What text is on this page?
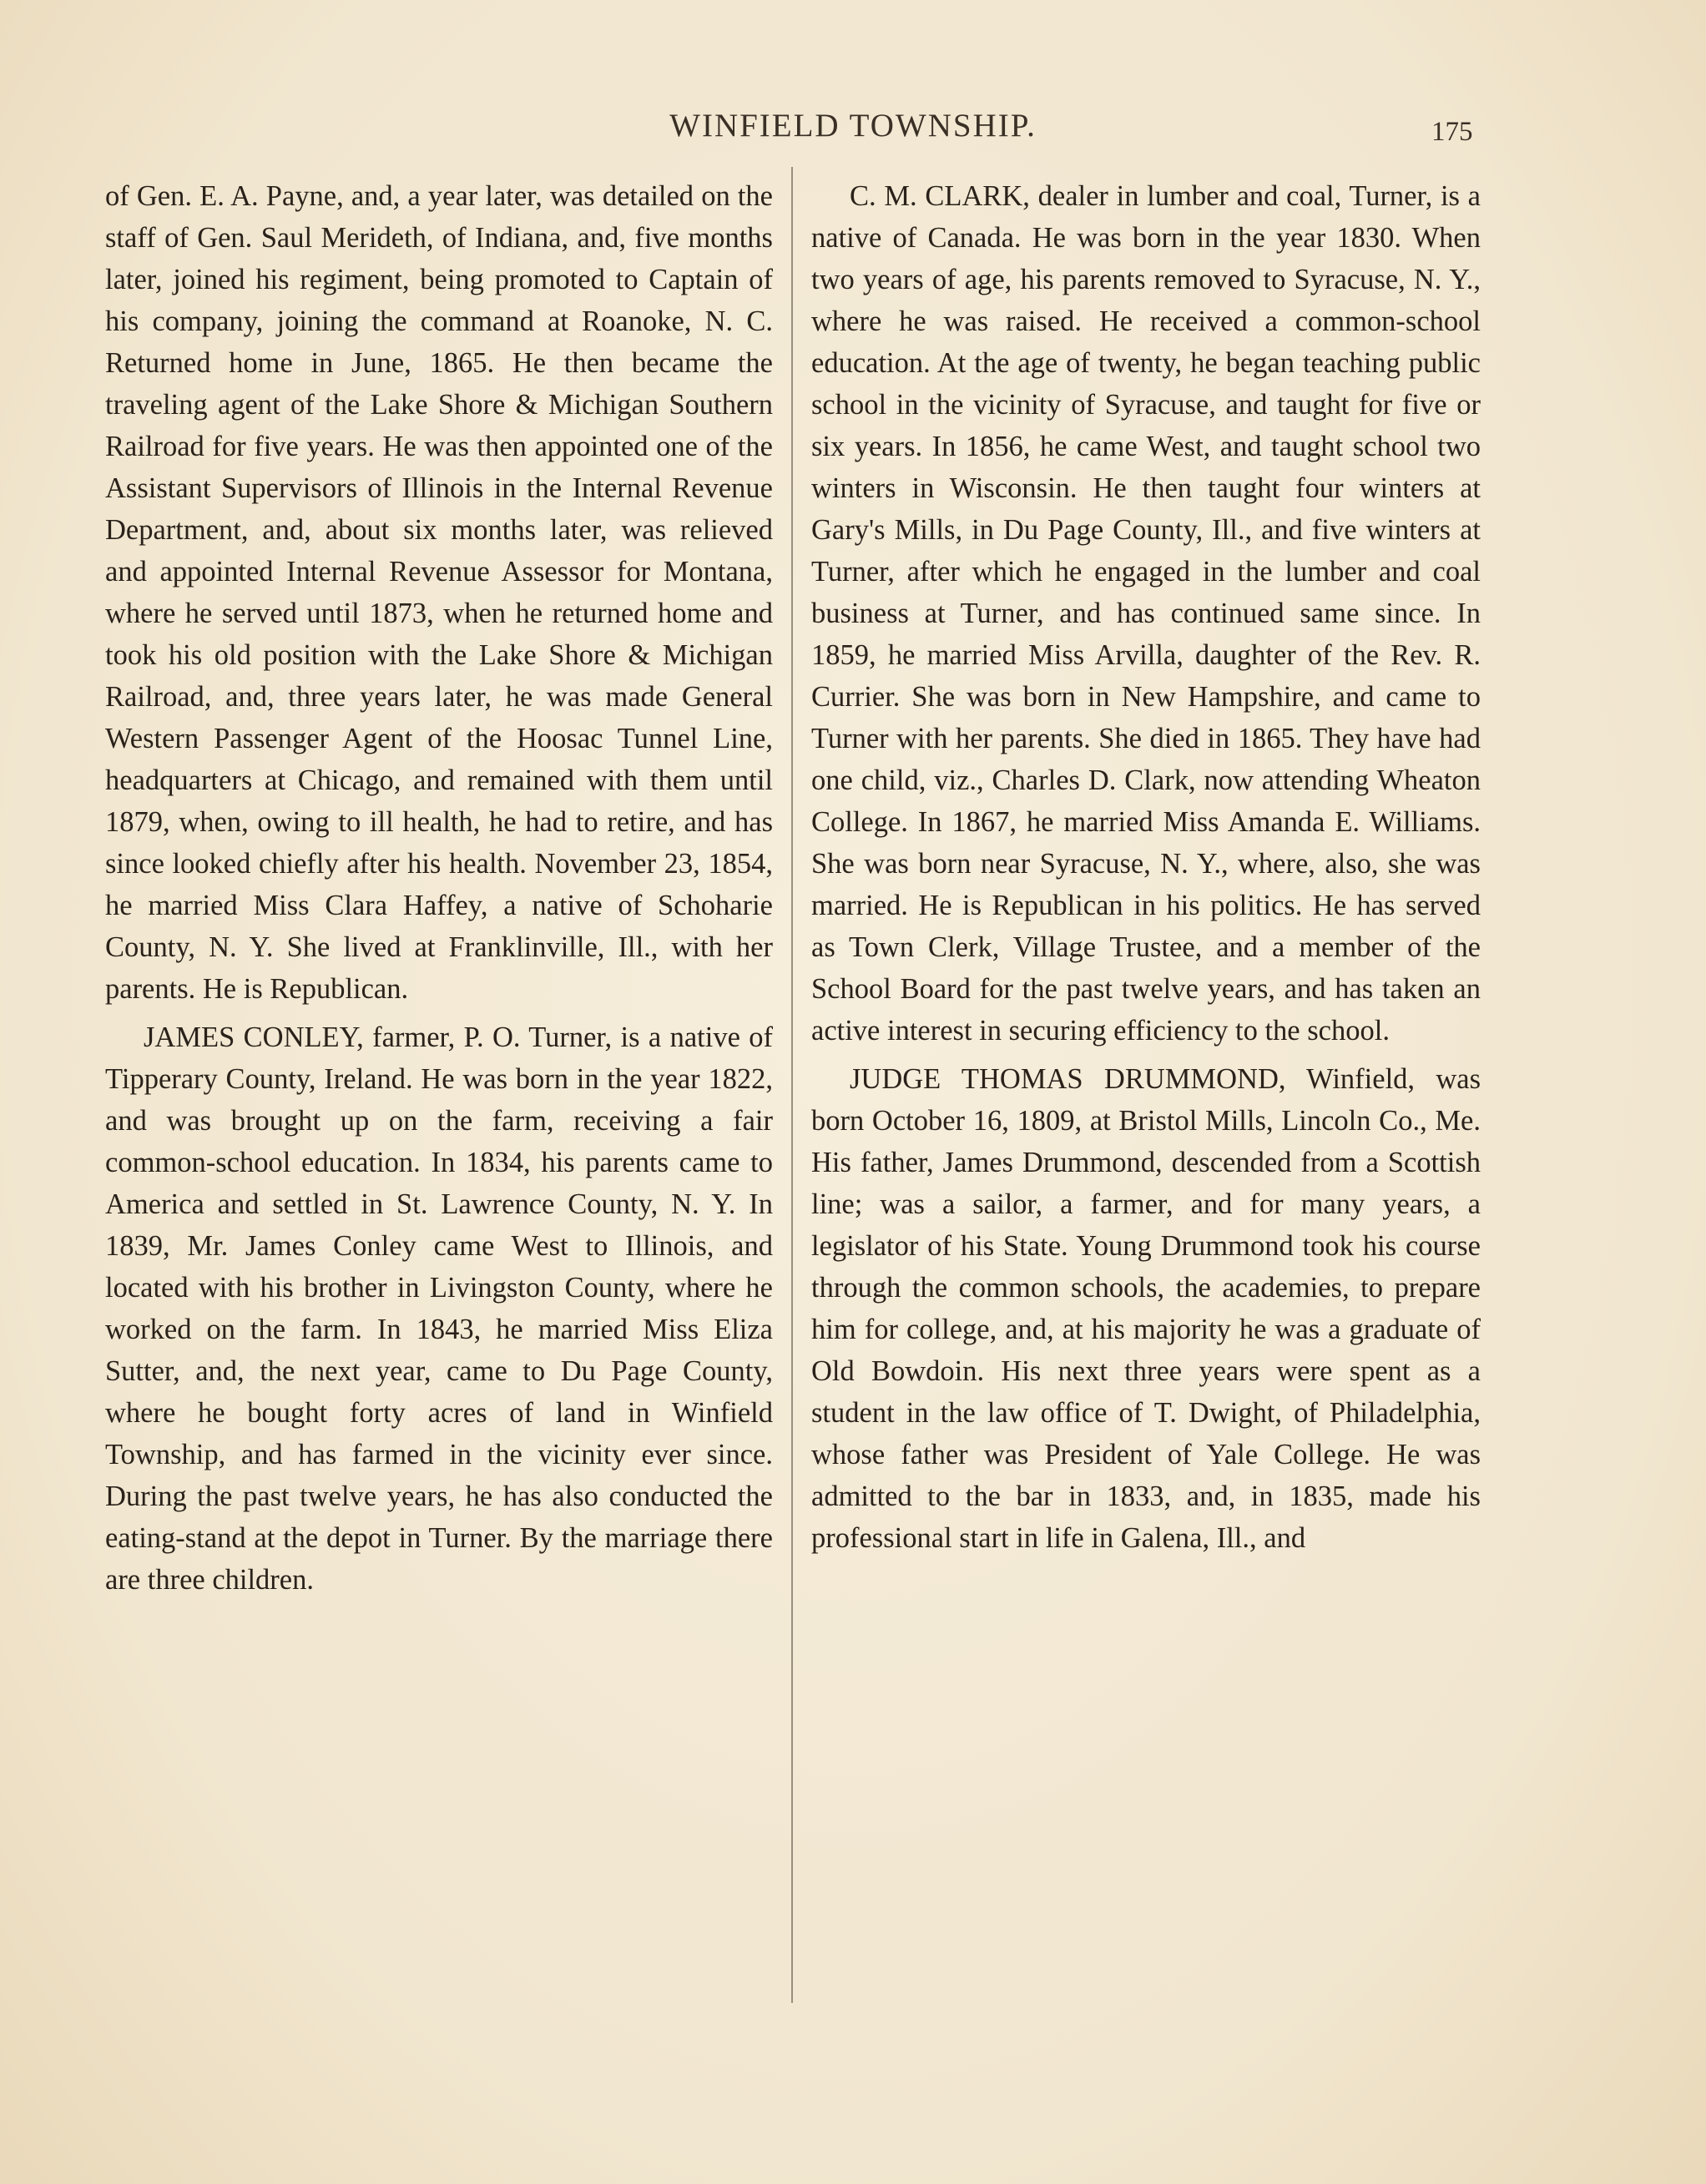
WINFIELD TOWNSHIP.	175

of Gen. E. A. Payne, and, a year later, was detailed on the staff of Gen. Saul Merideth, of Indiana, and, five months later, joined his regiment, being promoted to Captain of his company, joining the command at Roanoke, N. C. Returned home in June, 1865. He then became the traveling agent of the Lake Shore & Michigan Southern Railroad for five years. He was then appointed one of the Assistant Supervisors of Illinois in the Internal Revenue Department, and, about six months later, was relieved and appointed Internal Revenue Assessor for Montana, where he served until 1873, when he returned home and took his old position with the Lake Shore & Michigan Railroad, and, three years later, he was made General Western Passenger Agent of the Hoosac Tunnel Line, headquarters at Chicago, and remained with them until 1879, when, owing to ill health, he had to retire, and has since looked chiefly after his health. November 23, 1854, he married Miss Clara Haffey, a native of Schoharie County, N. Y. She lived at Franklinville, Ill., with her parents. He is Republican.

JAMES CONLEY, farmer, P. O. Turner, is a native of Tipperary County, Ireland. He was born in the year 1822, and was brought up on the farm, receiving a fair common-school education. In 1834, his parents came to America and settled in St. Lawrence County, N. Y. In 1839, Mr. James Conley came West to Illinois, and located with his brother in Livingston County, where he worked on the farm. In 1843, he married Miss Eliza Sutter, and, the next year, came to Du Page County, where he bought forty acres of land in Winfield Township, and has farmed in the vicinity ever since. During the past twelve years, he has also conducted the eating-stand at the depot in Turner. By the marriage there are three children.

C. M. CLARK, dealer in lumber and coal, Turner, is a native of Canada. He was born in the year 1830. When two years of age, his parents removed to Syracuse, N. Y., where he was raised. He received a common-school education. At the age of twenty, he began teaching public school in the vicinity of Syracuse, and taught for five or six years. In 1856, he came West, and taught school two winters in Wisconsin. He then taught four winters at Gary's Mills, in Du Page County, Ill., and five winters at Turner, after which he engaged in the lumber and coal business at Turner, and has continued same since. In 1859, he married Miss Arvilla, daughter of the Rev. R. Currier. She was born in New Hampshire, and came to Turner with her parents. She died in 1865. They have had one child, viz., Charles D. Clark, now attending Wheaton College. In 1867, he married Miss Amanda E. Williams. She was born near Syracuse, N. Y., where, also, she was married. He is Republican in his politics. He has served as Town Clerk, Village Trustee, and a member of the School Board for the past twelve years, and has taken an active interest in securing efficiency to the school.

JUDGE THOMAS DRUMMOND, Winfield, was born October 16, 1809, at Bristol Mills, Lincoln Co., Me. His father, James Drummond, descended from a Scottish line; was a sailor, a farmer, and for many years, a legislator of his State. Young Drummond took his course through the common schools, the academies, to prepare him for college, and, at his majority he was a graduate of Old Bowdoin. His next three years were spent as a student in the law office of T. Dwight, of Philadelphia, whose father was President of Yale College. He was admitted to the bar in 1833, and, in 1835, made his professional start in life in Galena, Ill., and
